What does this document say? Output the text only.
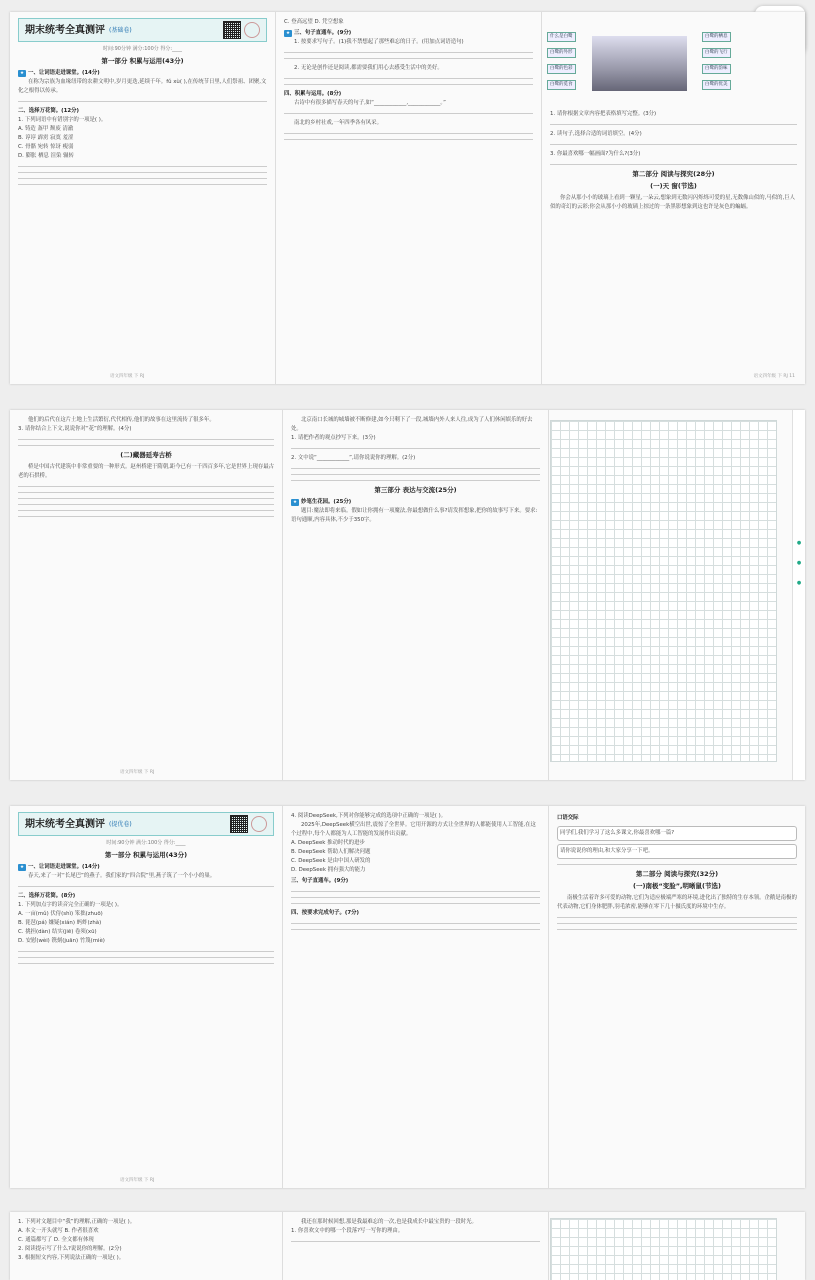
期末统考全真测评 (基础卷)
时间:90分钟 满分:100分 得分:____
第一部分 积累与运用(43分)
★ 一、让词语走进课堂。(14分)

在称为宗族为血缘纽带的农耕文明中,岁月更迭,延续千年。fǔ xù( ),在传统节日里,人们祭祖、团聚,文化之根得以传承。

二、选择万花筒。(12分)
1. 下列词语中有错别字的一项是( )。
A. 铸造 盔甲 颓废 清澈
B. 谆谆 霹雳 寂寞 羞涩
C. 骨骼 宛转 惊讶 瘦弱
D. 膨胀 栖息 渲染 辗转
语文四年级 下 RJ
C. 登高远望 D. 凭空想象
★ 三、句子直通车。(9分)

1. 按要求写句子。(1)我不禁想起了那些难忘的日子。(用加点词语造句)

2. 无论是创作还是阅读,都需要我们用心去感受生活中的美好。

四、积累与运用。(8分)

古诗中有很多描写春天的句子,如“____________,____________。”

南北的乡村社戏,一年四季各有风采。

什么是白鹭
白鹭的外形
白鹭的色彩
白鹭的觅食
白鹭的栖息
白鹭的飞行
白鹭的韵味
白鹭的优美
1. 请你根据文章内容把表格填写完整。(3分)
2. 读句子,选择合适的词语填空。(4分)
3. 你最喜欢哪一幅画面?为什么?(3分)
第二部分 阅读与探究(28分)
(一)天 窗(节选)

你会从那小小的玻璃上看到一颗星,一朵云,想象到无数闪闪烁烁可爱的星,无数像山似的,马似的,巨人似的奇幻的云彩;你会从那小小的玻璃上掠过的一条黑影想象到这也许是灰色的蝙蝠。

语文四年级 下 RJ 11

他们的后代在这片土地上生活繁衍,代代相传,他们的故事在这里流传了很多年。

3. 请你结合上下文,说说你对“花”的理解。(4分)
(二)藏器延寿古桥

桥是中国古代建筑中非常重要的一种形式。赵州桥建于隋朝,距今已有一千四百多年,它是世界上现存最古老的石拱桥。

语文四年级 下 RJ

北京南口长城的城墙被不断修建,如今只剩下了一段,城墙内外人来人往,成为了人们休闲娱乐的好去处。

1. 请把作者的观点抄写下来。(3分)
2. 文中说“____________”,请你说说你的理解。(2分)
第三部分 表达与交流(25分)
★ 妙笔生花园。(25分)

题目:魔法即将来临。假如让你拥有一项魔法,你最想做什么事?请发挥想象,把你的故事写下来。要求:语句通顺,内容具体,不少于350字。

●
●
●
期末统考全真测评 (提优卷)
时间:90分钟 满分:100分 得分:____
第一部分 积累与运用(43分)
★ 一、让词语走进课堂。(14分)

春天,来了一对“长尾巴”的燕子。我们家的“四合院”里,燕子筑了一个小小的巢。

二、选择万花筒。(8分)
1. 下列加点字的读音完全正确的一项是( )。
A. 一亩(mǔ) 伏侍(shì) 笨拙(zhuō)
B. 琵琶(pá) 嫌疑(xián) 蚂蚱(zhà)
C. 挑担(dàn) 结实(jiē) 卷须(xū)
D. 安慰(wèi) 镌刻(juān) 竹篾(miè)
语文四年级 下 RJ
4. 阅读DeepSeek,下列对你能够完成的选项中正确的一项是( )。

2025年,DeepSeek横空出世,震惊了全世界。它用开源的方式让全世界的人都能使用人工智能,在这个过程中,每个人都能为人工智能的发展作出贡献。

A. DeepSeek 推动时代的进步
B. DeepSeek 帮助人们解决问题
C. DeepSeek 是由中国人研发的
D. DeepSeek 拥有强大的能力
三、句子直通车。(9分)
四、按要求完成句子。(7分)
口语交际
同学们,我们学习了这么多课文,你最喜欢哪一篇?
请你说说你的理由,和大家分享一下吧。
第二部分 阅读与探究(32分)
(一)南极“变脸”,明晰鼠(节选)

南极生活着许多可爱的动物,它们为适应极端严寒的环境,进化出了独特的生存本领。企鹅是南极的代表动物,它们身体肥胖,羽毛浓密,能够在零下几十摄氏度的环境中生存。

1. 下列对文题目中“我”的理解,正确的一项是( )。
A. 本文一开头就写 B. 作者很喜欢
C. 通篇都写了 D. 全文都有体现
2. 阅读提示写了什么?说说你的理解。(2分)
3. 根据短文内容,下列说法正确的一项是( )。

我还在那时候回想,那是我最难忘的一次,也是我成长中最宝贵的一段时光。

1. 你喜欢文中的哪一个段落?写一写你的理由。
